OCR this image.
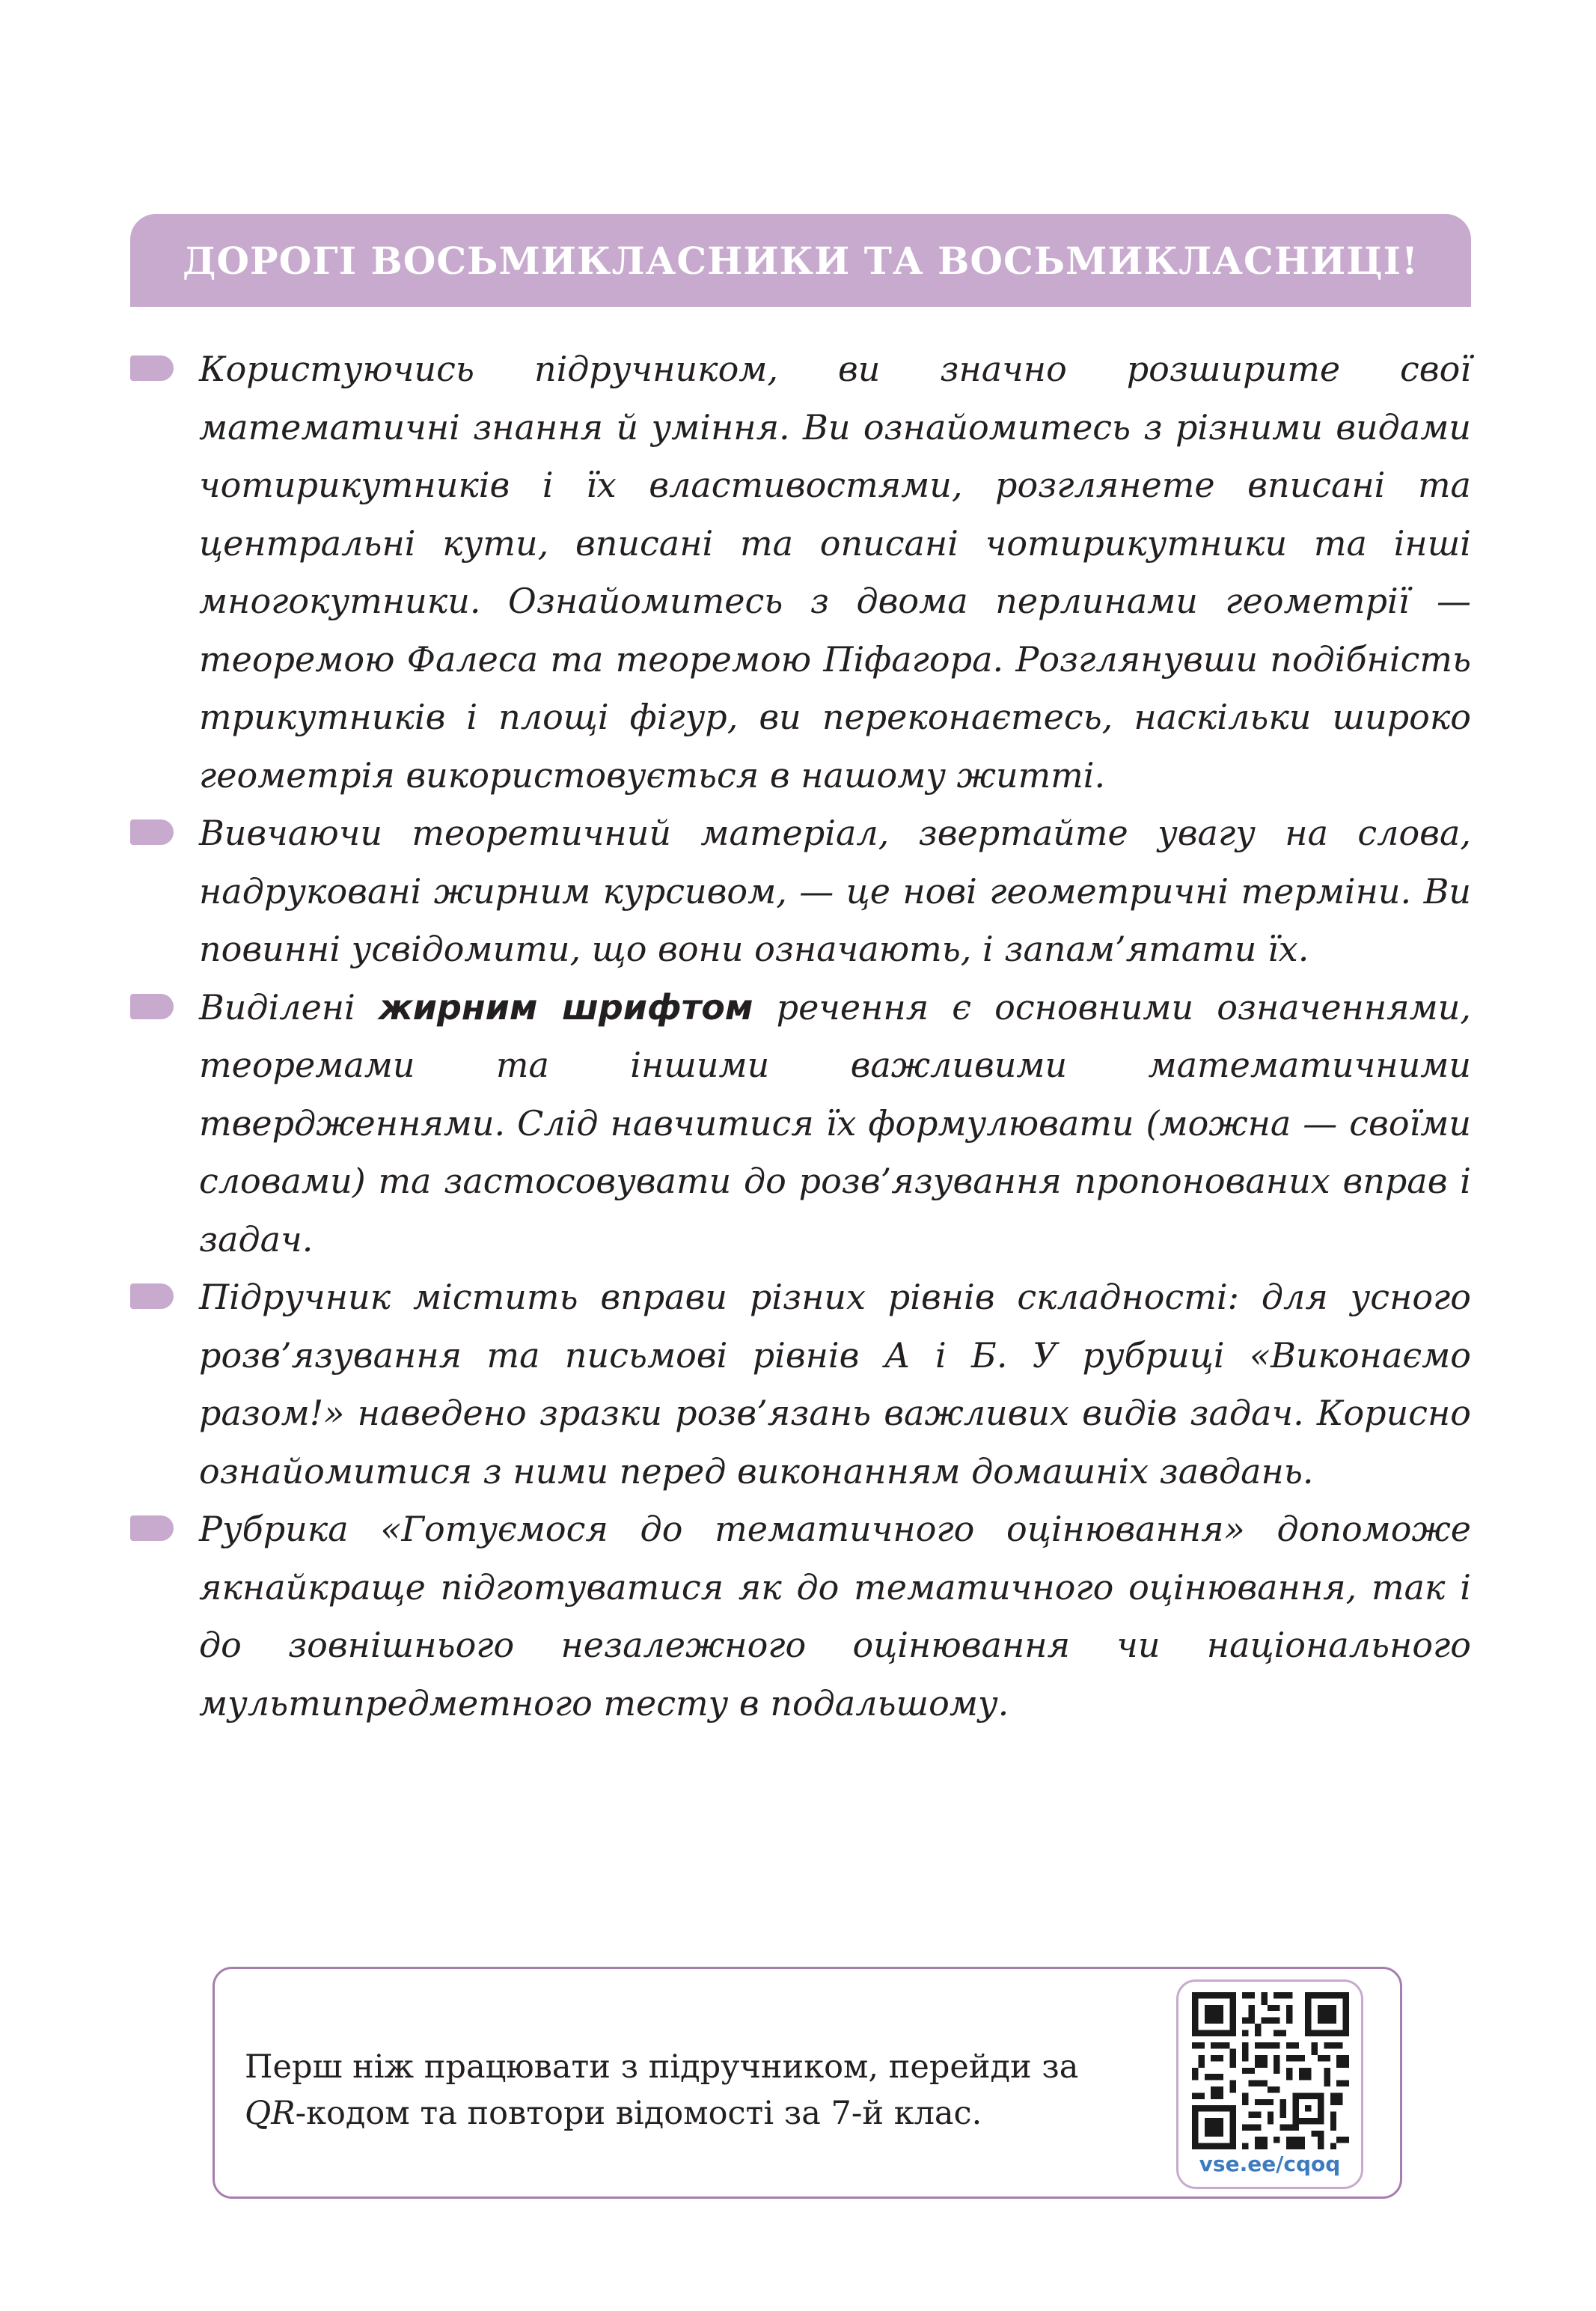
ДОРОГІ ВОСЬМИКЛАСНИКИ ТА ВОСЬМИКЛАСНИЦІ!
Користуючись підручником, ви значно розширите свої математичні знання й уміння. Ви ознайомитесь з різними видами чотирикутників і їх властивостями, розглянете вписані та центральні кути, вписані та описані чотирикутники та інші многокутники. Ознайомитесь з двома перлинами геометрії — теоремою Фалеса та теоремою Піфагора. Розглянувши подібність трикутників і площі фігур, ви переконаєтесь, наскільки широко геометрія використовується в нашому житті.
Вивчаючи теоретичний матеріал, звертайте увагу на слова, надруковані жирним курсивом, — це нові геометричні терміни. Ви повинні усвідомити, що вони означають, і запам’ятати їх.
Виділені жирним шрифтом речення є основними означеннями, теоремами та іншими важливими математичними твердженнями. Слід навчитися їх формулювати (можна — своїми словами) та застосовувати до розв’язування пропонованих вправ і задач.
Підручник містить вправи різних рівнів складності: для усного розв’язування та письмові рівнів А і Б. У рубриці «Виконаємо разом!» наведено зразки розв’язань важливих видів задач. Корисно ознайомитися з ними перед виконанням домашніх завдань.
Рубрика «Готуємося до тематичного оцінювання» допоможе якнайкраще підготуватися як до тематичного оцінювання, так і до зовнішнього незалежного оцінювання чи національного мультипредметного тесту в подальшому.
Перш ніж працювати з підручником, перейди за QR-кодом та повтори відомості за 7-й клас.
vse.ee/cqoq
